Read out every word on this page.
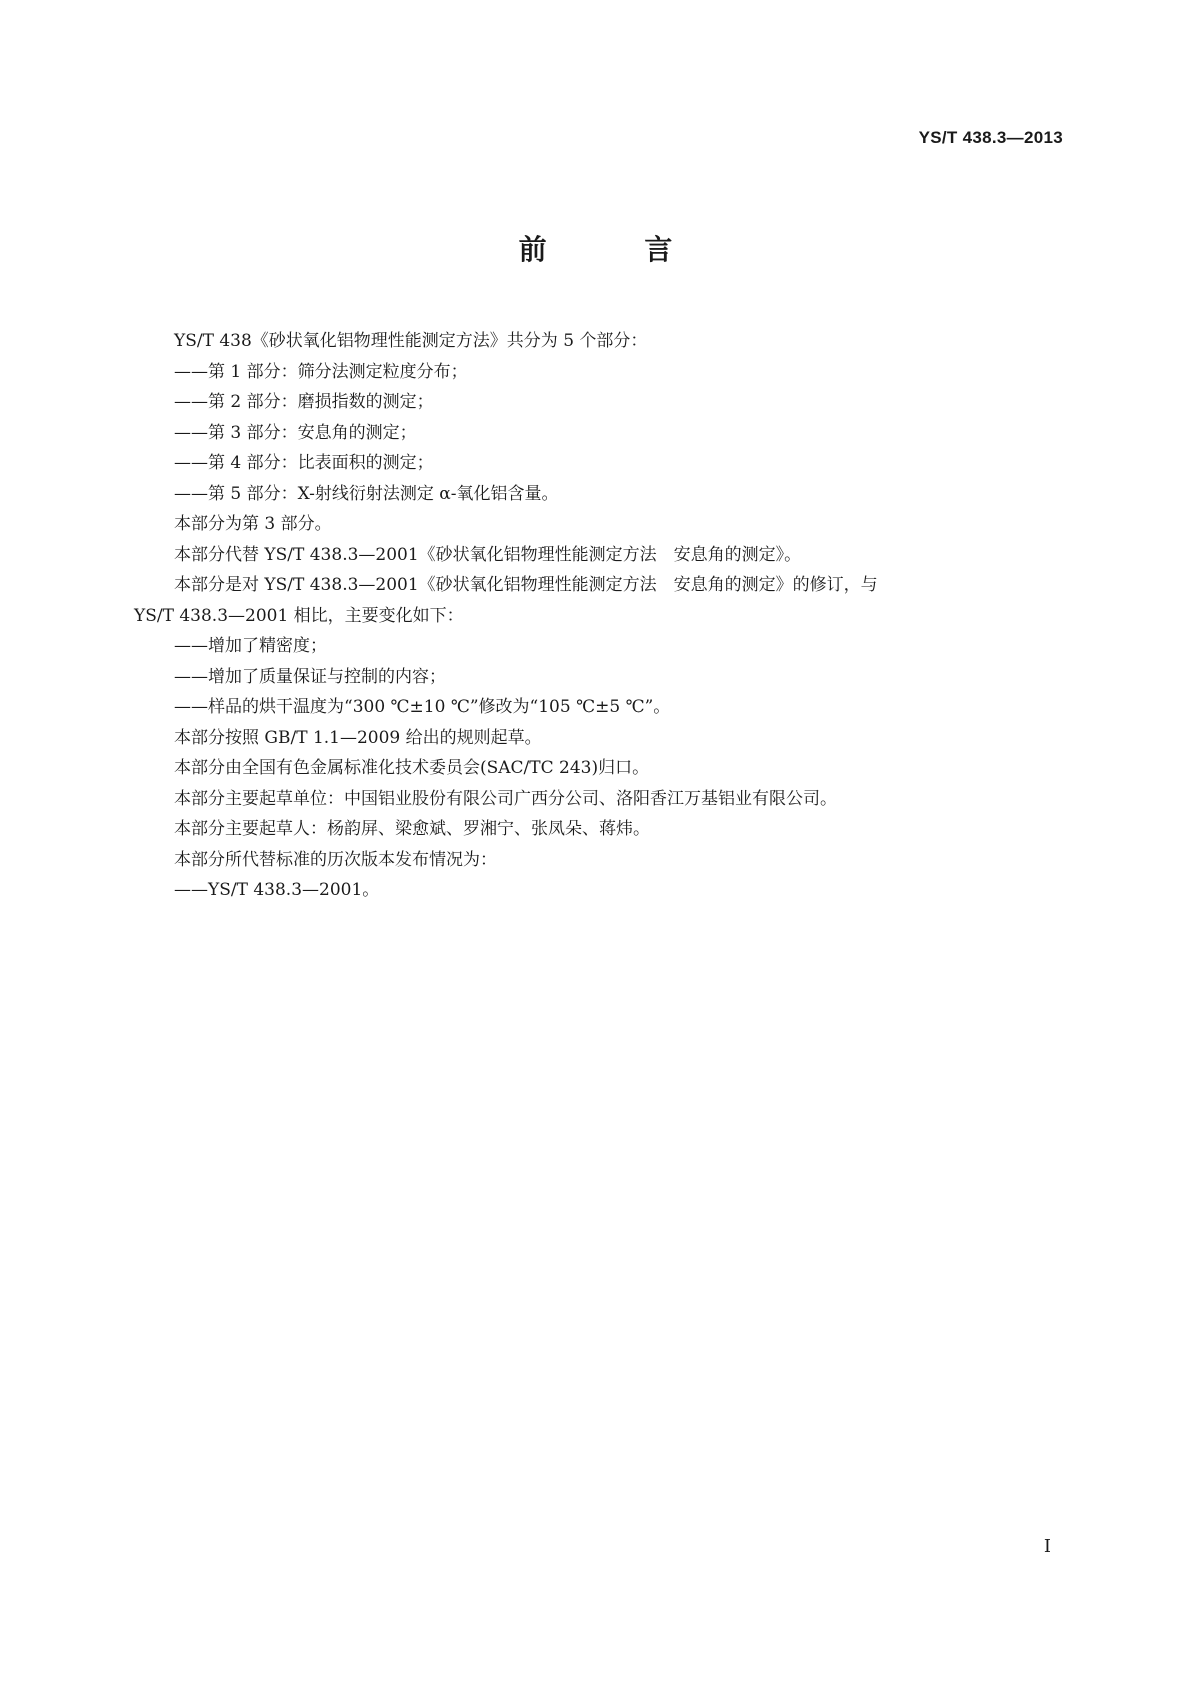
YS/T 438.3—2013
前 言

YS/T 438《砂状氧化铝物理性能测定方法》共分为 5 个部分：

——第 1 部分：筛分法测定粒度分布；

——第 2 部分：磨损指数的测定；

——第 3 部分：安息角的测定；

——第 4 部分：比表面积的测定；

——第 5 部分：X-射线衍射法测定 α-氧化铝含量。

本部分为第 3 部分。

本部分代替 YS/T 438.3—2001《砂状氧化铝物理性能测定方法　安息角的测定》。

本部分是对 YS/T 438.3—2001《砂状氧化铝物理性能测定方法　安息角的测定》的修订，与
YS/T 438.3—2001 相比，主要变化如下：

——增加了精密度；

——增加了质量保证与控制的内容；

——样品的烘干温度为“300 ℃±10 ℃”修改为“105 ℃±5 ℃”。

本部分按照 GB/T 1.1—2009 给出的规则起草。

本部分由全国有色金属标准化技术委员会(SAC/TC 243)归口。

本部分主要起草单位：中国铝业股份有限公司广西分公司、洛阳香江万基铝业有限公司。

本部分主要起草人：杨韵屏、梁愈斌、罗湘宁、张凤朵、蒋炜。

本部分所代替标准的历次版本发布情况为：

——YS/T 438.3—2001。

I
